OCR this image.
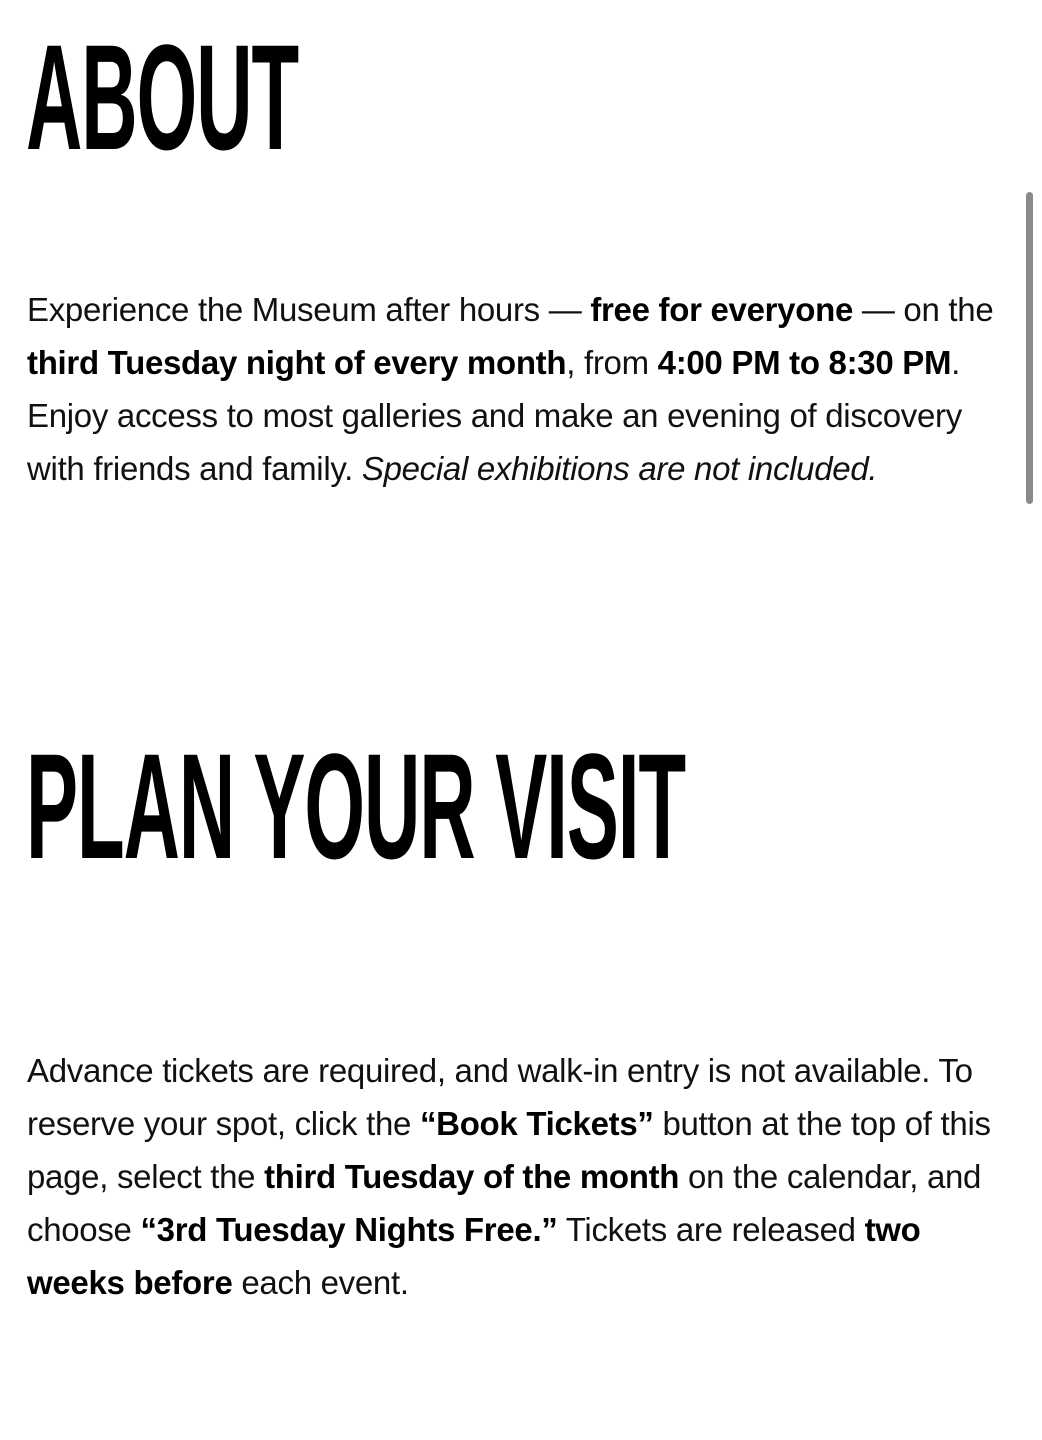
ABOUT

Experience the Museum after hours — free for everyone — on the third Tuesday night of every month, from 4:00 PM to 8:30 PM. Enjoy access to most galleries and make an evening of discovery with friends and family. Special exhibitions are not included.

PLAN YOUR VISIT

Advance tickets are required, and walk-in entry is not available. To reserve your spot, click the “Book Tickets” button at the top of this page, select the third Tuesday of the month on the calendar, and choose “3rd Tuesday Nights Free.” Tickets are released two weeks before each event.
